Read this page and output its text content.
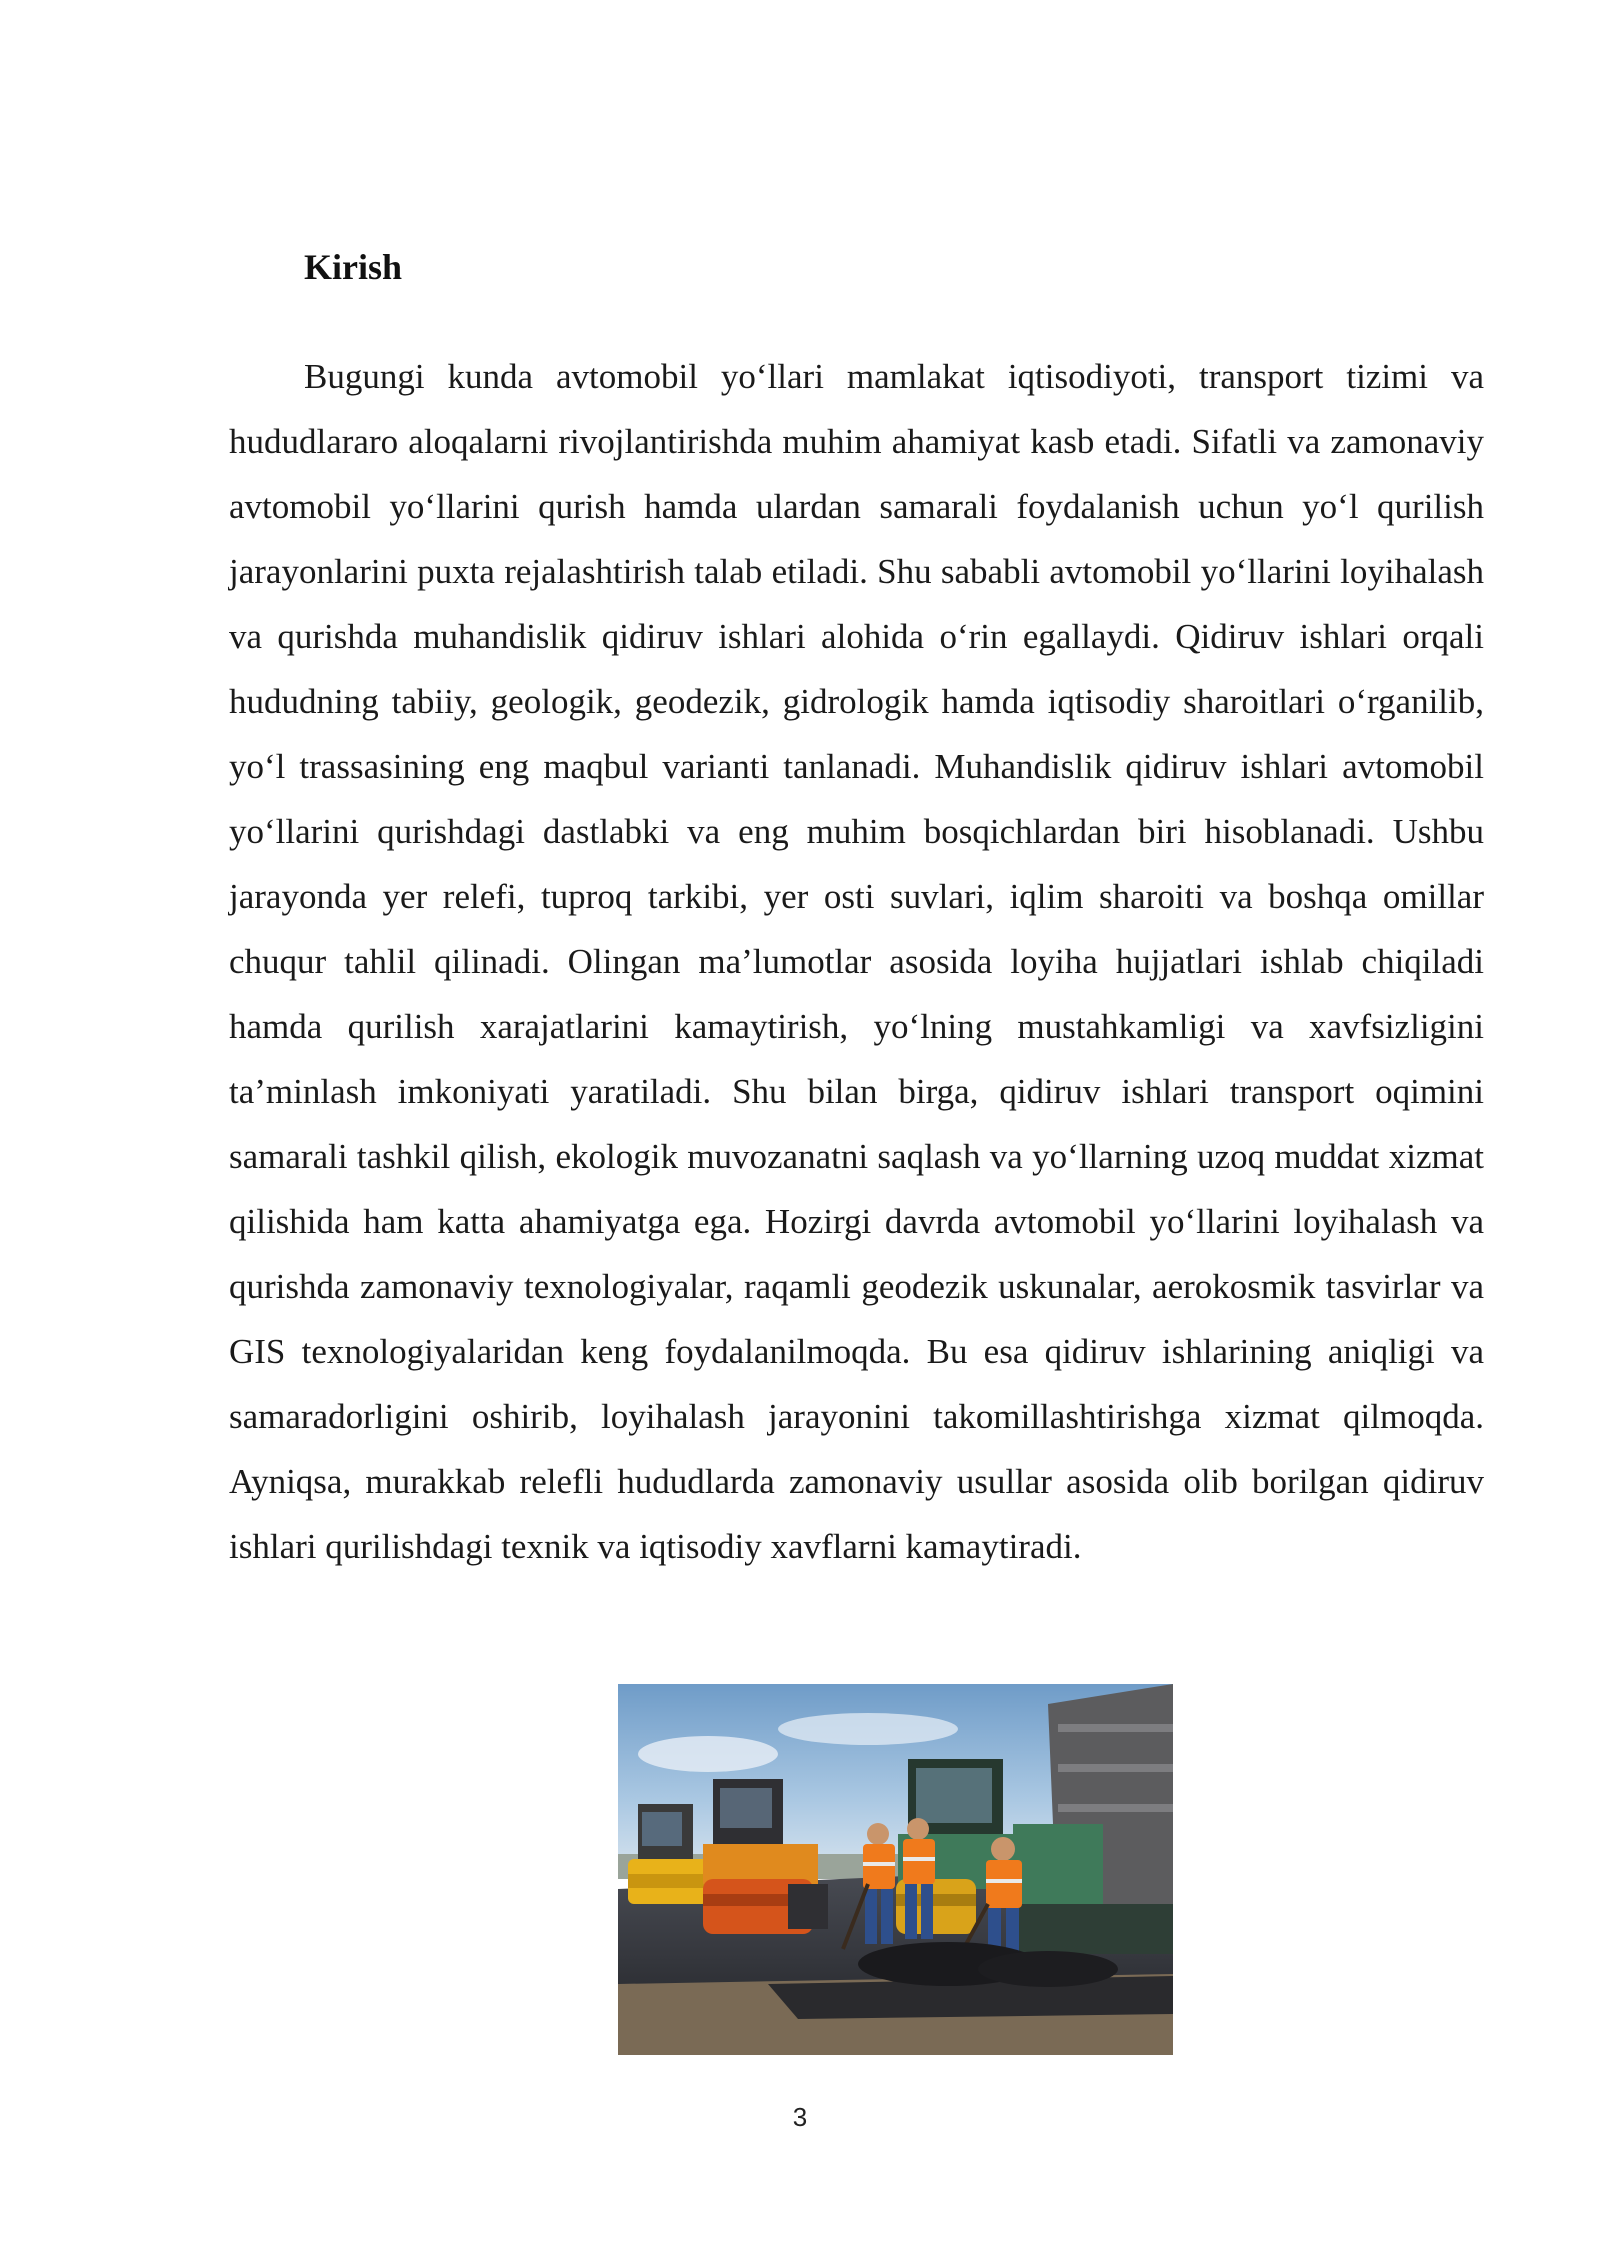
Kirish

Bugungi kunda avtomobil yo‘llari mamlakat iqtisodiyoti, transport tizimi va hududlararo aloqalarni rivojlantirishda muhim ahamiyat kasb etadi. Sifatli va zamonaviy avtomobil yo‘llarini qurish hamda ulardan samarali foydalanish uchun yo‘l qurilish jarayonlarini puxta rejalashtirish talab etiladi. Shu sababli avtomobil yo‘llarini loyihalash va qurishda muhandislik qidiruv ishlari alohida o‘rin egallaydi. Qidiruv ishlari orqali hududning tabiiy, geologik, geodezik, gidrologik hamda iqtisodiy sharoitlari o‘rganilib, yo‘l trassasining eng maqbul varianti tanlanadi. Muhandislik qidiruv ishlari avtomobil yo‘llarini qurishdagi dastlabki va eng muhim bosqichlardan biri hisoblanadi. Ushbu jarayonda yer relefi, tuproq tarkibi, yer osti suvlari, iqlim sharoiti va boshqa omillar chuqur tahlil qilinadi. Olingan ma’lumotlar asosida loyiha hujjatlari ishlab chiqiladi hamda qurilish xarajatlarini kamaytirish, yo‘lning mustahkamligi va xavfsizligini ta’minlash imkoniyati yaratiladi. Shu bilan birga, qidiruv ishlari transport oqimini samarali tashkil qilish, ekologik muvozanatni saqlash va yo‘llarning uzoq muddat xizmat qilishida ham katta ahamiyatga ega. Hozirgi davrda avtomobil yo‘llarini loyihalash va qurishda zamonaviy texnologiyalar, raqamli geodezik uskunalar, aerokosmik tasvirlar va GIS texnologiyalaridan keng foydalanilmoqda. Bu esa qidiruv ishlarining aniqligi va samaradorligini oshirib, loyihalash jarayonini takomillashtirishga xizmat qilmoqda. Ayniqsa, murakkab relefli hududlarda zamonaviy usullar asosida olib borilgan qidiruv ishlari qurilishdagi texnik va iqtisodiy xavflarni kamaytiradi.

3
